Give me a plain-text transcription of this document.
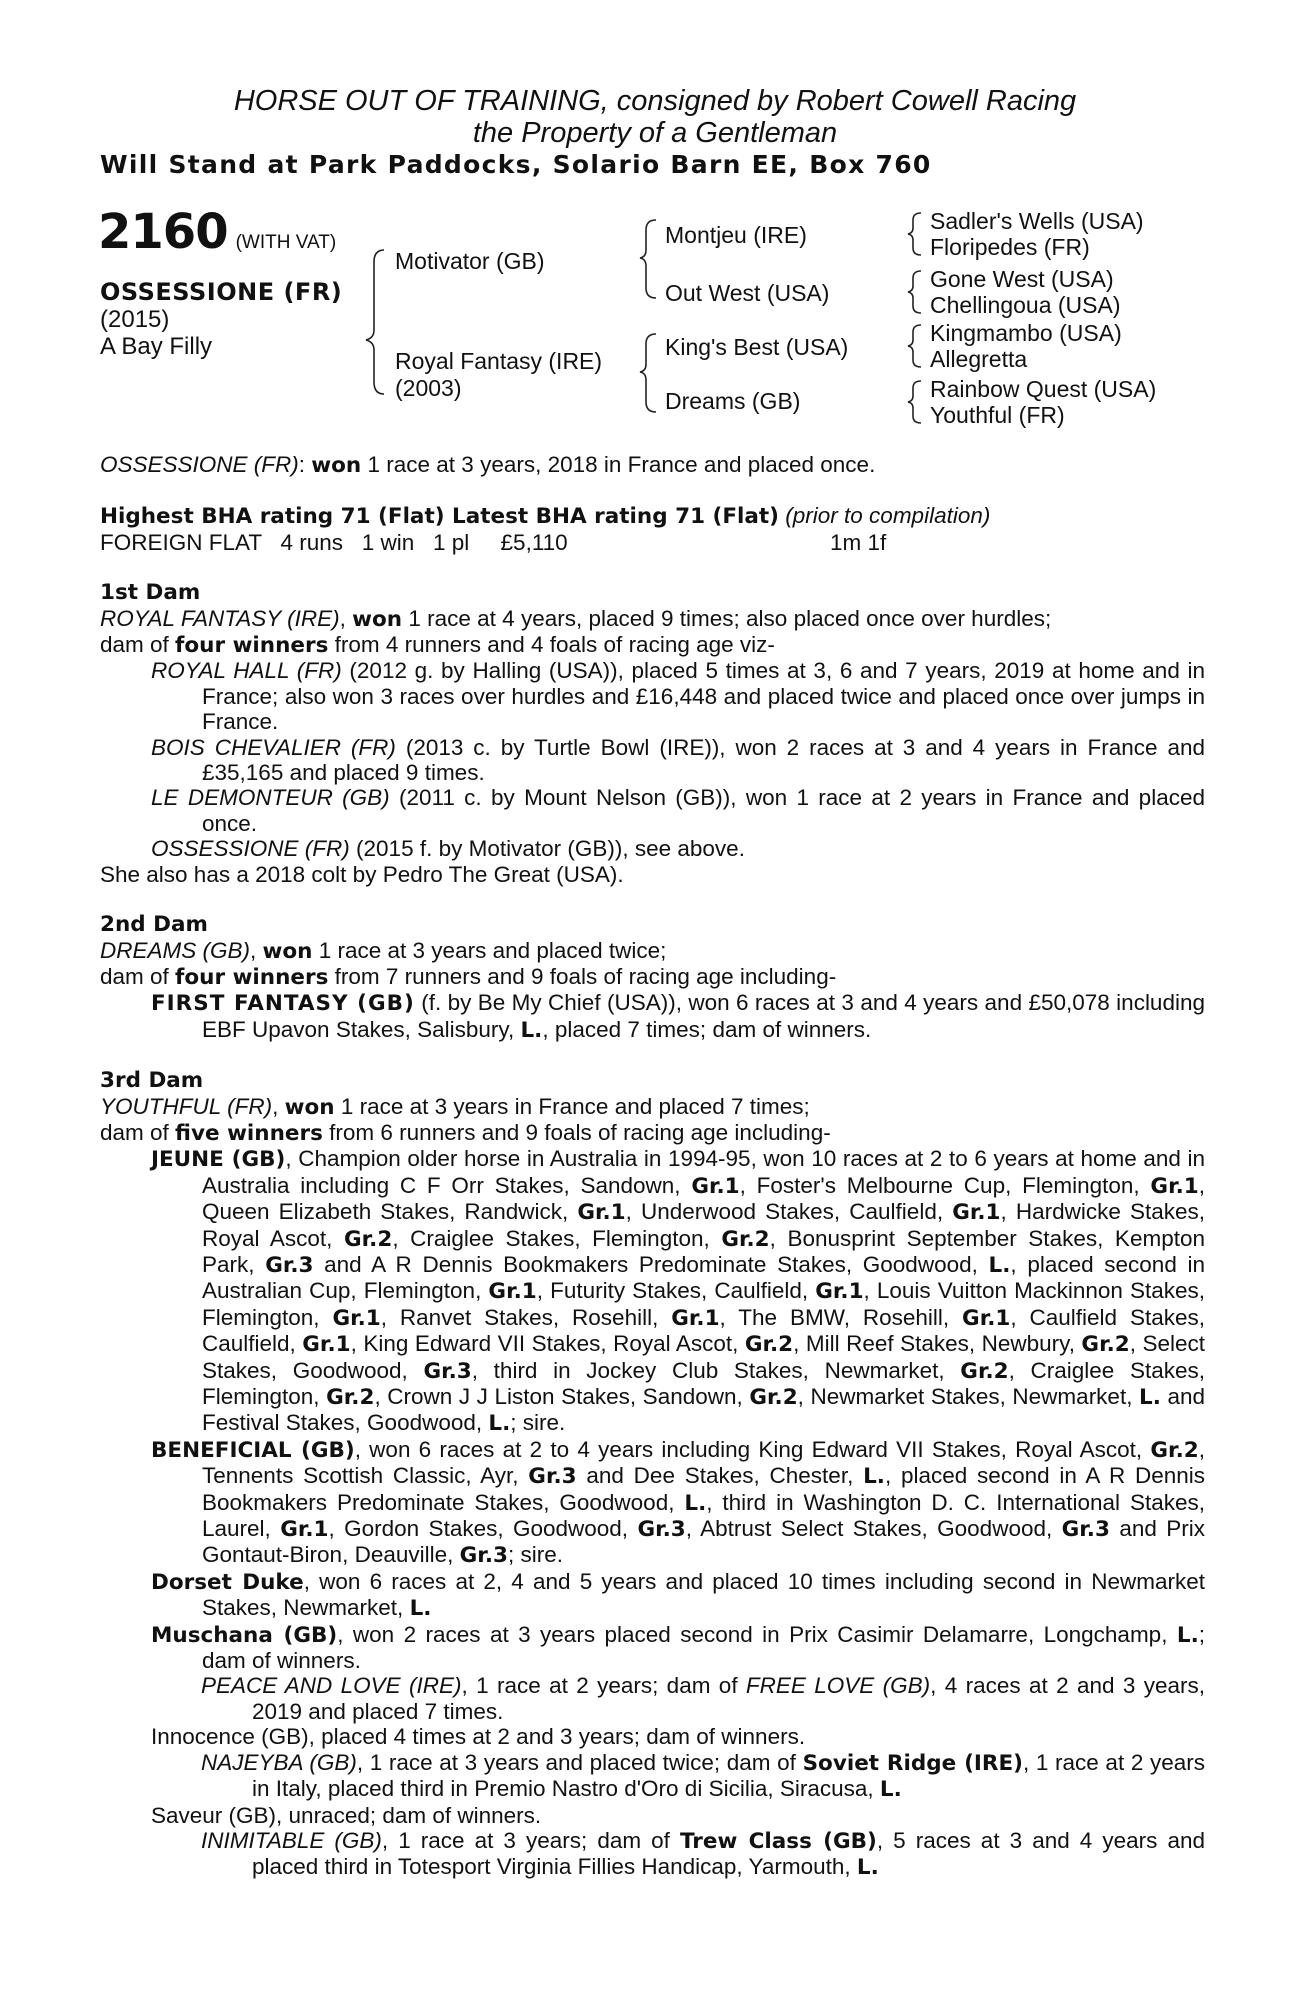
HORSE OUT OF TRAINING, consigned by Robert Cowell Racing
the Property of a Gentleman
Will Stand at Park Paddocks, Solario Barn EE, Box 760
2160 (WITH VAT)
OSSESSIONE (FR)
(2015)
A Bay Filly
Motivator (GB)
Royal Fantasy (IRE)
(2003)
Montjeu (IRE)
Out West (USA)
King's Best (USA)
Dreams (GB)
Sadler's Wells (USA)
Floripedes (FR)
Gone West (USA)
Chellingoua (USA)
Kingmambo (USA)
Allegretta
Rainbow Quest (USA)
Youthful (FR)

OSSESSIONE (FR): won 1 race at 3 years, 2018 in France and placed once.

Highest BHA rating 71 (Flat) Latest BHA rating 71 (Flat) (prior to compilation)

FOREIGN FLAT   4 runs   1 win   1 pl     £5,110	1m 1f

1st Dam

ROYAL FANTASY (IRE), won 1 race at 4 years, placed 9 times; also placed once over hurdles;

dam of four winners from 4 runners and 4 foals of racing age viz-

ROYAL HALL (FR) (2012 g. by Halling (USA)), placed 5 times at 3, 6 and 7 years, 2019 at home and in France; also won 3 races over hurdles and £16,448 and placed twice and placed once over jumps in France.

BOIS CHEVALIER (FR) (2013 c. by Turtle Bowl (IRE)), won 2 races at 3 and 4 years in France and £35,165 and placed 9 times.

LE DEMONTEUR (GB) (2011 c. by Mount Nelson (GB)), won 1 race at 2 years in France and placed once.

OSSESSIONE (FR) (2015 f. by Motivator (GB)), see above.

She also has a 2018 colt by Pedro The Great (USA).

2nd Dam

DREAMS (GB), won 1 race at 3 years and placed twice;

dam of four winners from 7 runners and 9 foals of racing age including-

FIRST FANTASY (GB) (f. by Be My Chief (USA)), won 6 races at 3 and 4 years and £50,078 including EBF Upavon Stakes, Salisbury, L., placed 7 times; dam of winners.

3rd Dam

YOUTHFUL (FR), won 1 race at 3 years in France and placed 7 times;

dam of five winners from 6 runners and 9 foals of racing age including-

JEUNE (GB), Champion older horse in Australia in 1994-95, won 10 races at 2 to 6 years at home and in Australia including C F Orr Stakes, Sandown, Gr.1, Foster's Melbourne Cup, Flemington, Gr.1, Queen Elizabeth Stakes, Randwick, Gr.1, Underwood Stakes, Caulfield, Gr.1, Hardwicke Stakes, Royal Ascot, Gr.2, Craiglee Stakes, Flemington, Gr.2, Bonusprint September Stakes, Kempton Park, Gr.3 and A R Dennis Bookmakers Predominate Stakes, Goodwood, L., placed second in Australian Cup, Flemington, Gr.1, Futurity Stakes, Caulfield, Gr.1, Louis Vuitton Mackinnon Stakes, Flemington, Gr.1, Ranvet Stakes, Rosehill, Gr.1, The BMW, Rosehill, Gr.1, Caulfield Stakes, Caulfield, Gr.1, King Edward VII Stakes, Royal Ascot, Gr.2, Mill Reef Stakes, Newbury, Gr.2, Select Stakes, Goodwood, Gr.3, third in Jockey Club Stakes, Newmarket, Gr.2, Craiglee Stakes, Flemington, Gr.2, Crown J J Liston Stakes, Sandown, Gr.2, Newmarket Stakes, Newmarket, L. and Festival Stakes, Goodwood, L.; sire.

BENEFICIAL (GB), won 6 races at 2 to 4 years including King Edward VII Stakes, Royal Ascot, Gr.2, Tennents Scottish Classic, Ayr, Gr.3 and Dee Stakes, Chester, L., placed second in A R Dennis Bookmakers Predominate Stakes, Goodwood, L., third in Washington D. C. International Stakes, Laurel, Gr.1, Gordon Stakes, Goodwood, Gr.3, Abtrust Select Stakes, Goodwood, Gr.3 and Prix Gontaut-Biron, Deauville, Gr.3; sire.

Dorset Duke, won 6 races at 2, 4 and 5 years and placed 10 times including second in Newmarket Stakes, Newmarket, L.

Muschana (GB), won 2 races at 3 years placed second in Prix Casimir Delamarre, Longchamp, L.; dam of winners.

PEACE AND LOVE (IRE), 1 race at 2 years; dam of FREE LOVE (GB), 4 races at 2 and 3 years, 2019 and placed 7 times.

Innocence (GB), placed 4 times at 2 and 3 years; dam of winners.

NAJEYBA (GB), 1 race at 3 years and placed twice; dam of Soviet Ridge (IRE), 1 race at 2 years in Italy, placed third in Premio Nastro d'Oro di Sicilia, Siracusa, L.

Saveur (GB), unraced; dam of winners.

INIMITABLE (GB), 1 race at 3 years; dam of Trew Class (GB), 5 races at 3 and 4 years and placed third in Totesport Virginia Fillies Handicap, Yarmouth, L.
